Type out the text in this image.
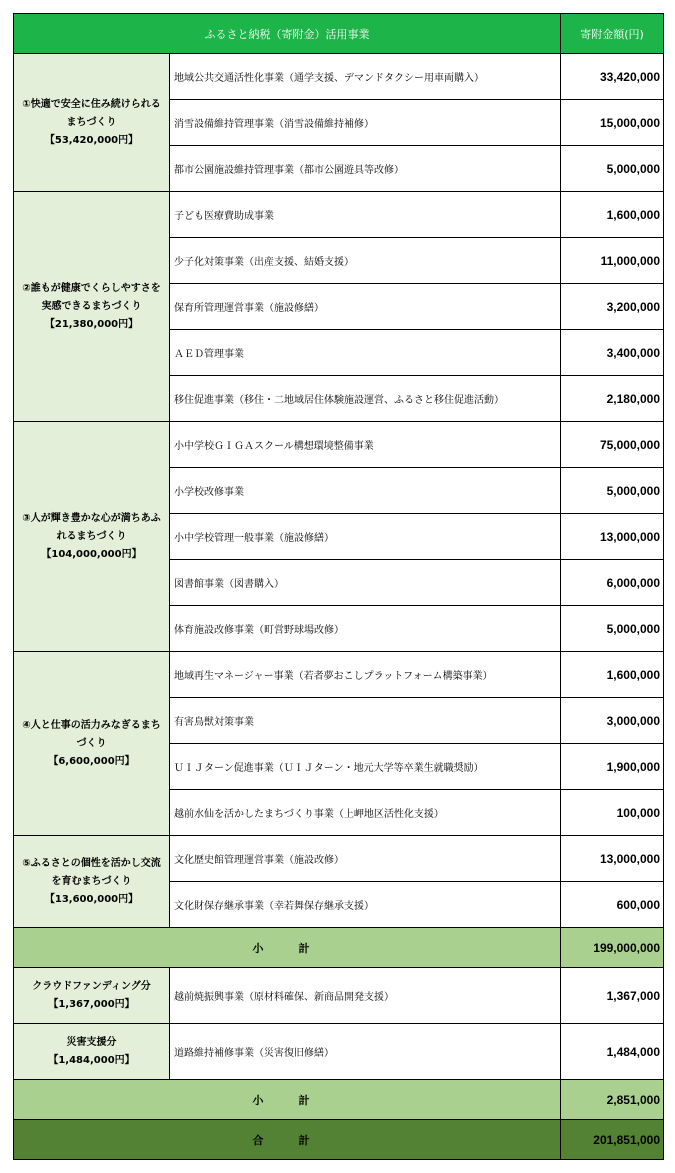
ふるさと納税（寄附金）活用事業		寄附金額(円)
①快適で安全に住み続けられるまちづくり
【53,420,000円】	地域公共交通活性化事業（通学支援、デマンドタクシー用車両購入）	33,420,000
	消雪設備維持管理事業（消雪設備維持補修）	15,000,000
	都市公園施設維持管理事業（都市公園遊具等改修）	5,000,000
②誰もが健康でくらしやすさを実感できるまちづくり
【21,380,000円】	子ども医療費助成事業	1,600,000
	少子化対策事業（出産支援、結婚支援）	11,000,000
	保育所管理運営事業（施設修繕）	3,200,000
	ＡＥＤ管理事業	3,400,000
	移住促進事業（移住・二地域居住体験施設運営、ふるさと移住促進活動）	2,180,000
③人が輝き豊かな心が満ちあふれるまちづくり
【104,000,000円】	小中学校ＧＩＧＡスクール構想環境整備事業	75,000,000
	小学校改修事業	5,000,000
	小中学校管理一般事業（施設修繕）	13,000,000
	図書館事業（図書購入）	6,000,000
	体育施設改修事業（町営野球場改修）	5,000,000
④人と仕事の活力みなぎるまちづくり
【6,600,000円】	地域再生マネージャー事業（若者夢おこしプラットフォーム構築事業）	1,600,000
	有害鳥獣対策事業	3,000,000
	ＵＩＪターン促進事業（ＵＩＪターン・地元大学等卒業生就職奨励）	1,900,000
	越前水仙を活かしたまちづくり事業（上岬地区活性化支援）	100,000
⑤ふるさとの個性を活かし交流を育むまちづくり
【13,600,000円】	文化歴史館管理運営事業（施設改修）	13,000,000
	文化財保存継承事業（幸若舞保存継承支援）	600,000
小　計		199,000,000

クラウドファンディング分
【1,367,000円】	越前焼振興事業（原材料確保、新商品開発支援）	1,367,000

災害支援分
【1,484,000円】	道路維持補修事業（災害復旧修繕）	1,484,000
小　計		2,851,000
合　計		201,851,000
